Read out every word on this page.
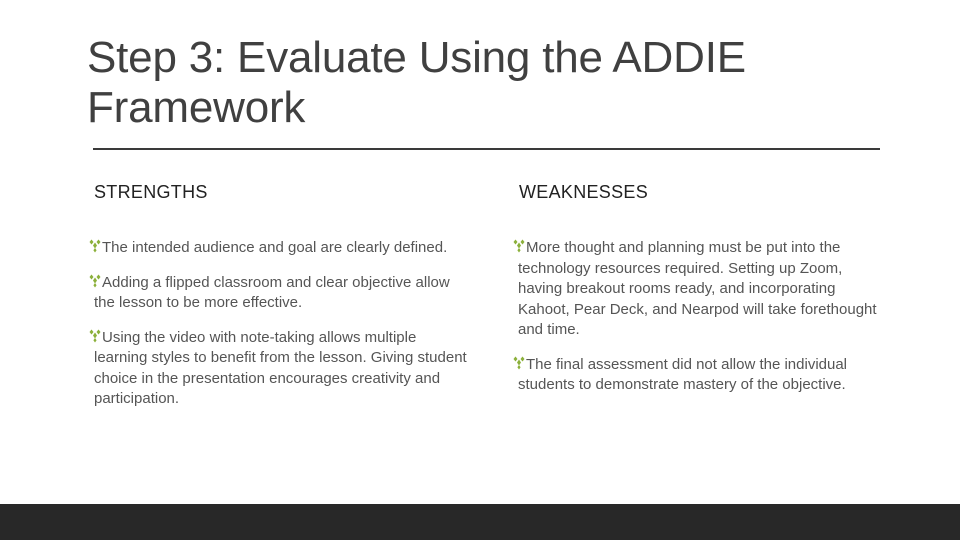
Step 3: Evaluate Using the ADDIE Framework
STRENGTHS	WEAKNESSES
The intended audience and goal are clearly defined.
Adding a flipped classroom and clear objective allow the lesson to be more effective.
Using the video with note-taking allows multiple learning styles to benefit from the lesson. Giving student choice in the presentation encourages creativity and participation.
More thought and planning must be put into the technology resources required. Setting up Zoom, having breakout rooms ready, and incorporating Kahoot, Pear Deck, and Nearpod will take forethought and time.
The final assessment did not allow the individual students to demonstrate mastery of the objective.
